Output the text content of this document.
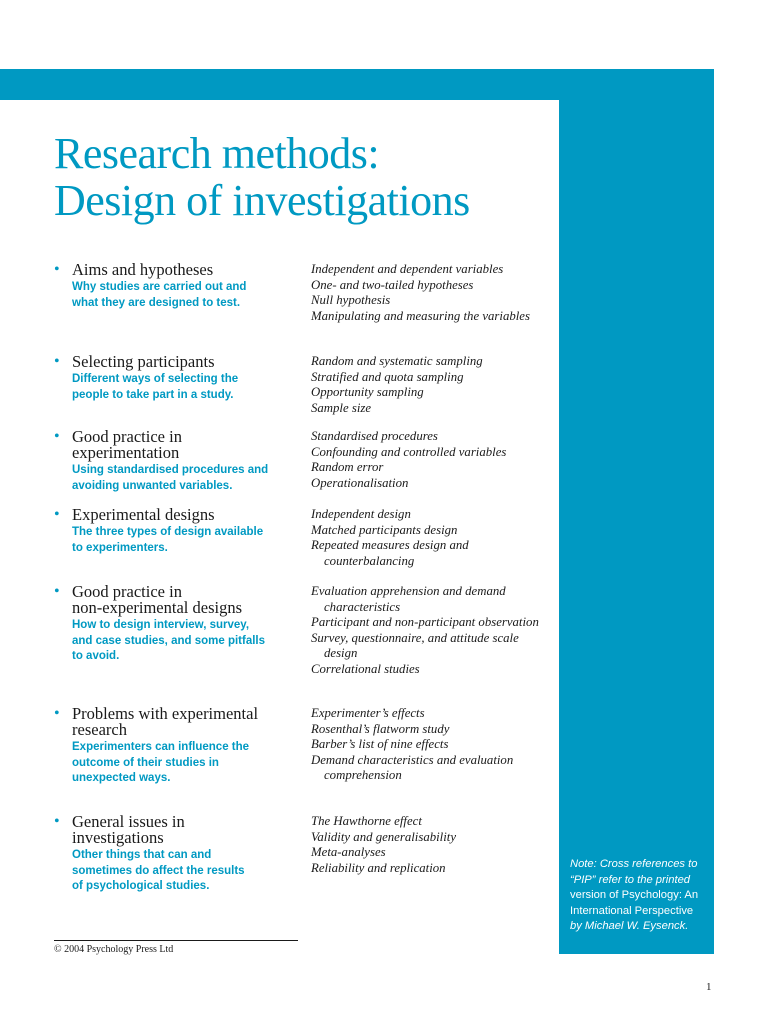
Research methods:
Design of investigations
• Aims and hypotheses
Why studies are carried out and
what they are designed to test.
Independent and dependent variables
One- and two-tailed hypotheses
Null hypothesis
Manipulating and measuring the variables
• Selecting participants
Different ways of selecting the
people to take part in a study.
Random and systematic sampling
Stratified and quota sampling
Opportunity sampling
Sample size
• Good practice in
experimentation
Using standardised procedures and
avoiding unwanted variables.
Standardised procedures
Confounding and controlled variables
Random error
Operationalisation
• Experimental designs
The three types of design available
to experimenters.
Independent design
Matched participants design
Repeated measures design and counterbalancing
• Good practice in
non-experimental designs
How to design interview, survey,
and case studies, and some pitfalls
to avoid.
Evaluation apprehension and demand characteristics
Participant and non-participant observation
Survey, questionnaire, and attitude scale design
Correlational studies
• Problems with experimental
research
Experimenters can influence the
outcome of their studies in
unexpected ways.
Experimenter’s effects
Rosenthal’s flatworm study
Barber’s list of nine effects
Demand characteristics and evaluation comprehension
• General issues in
investigations
Other things that can and
sometimes do affect the results
of psychological studies.
The Hawthorne effect
Validity and generalisability
Meta-analyses
Reliability and replication	Note: Cross references to “PIP” refer to the printed version of Psychology: An International Perspective by Michael W. Eysenck.
© 2004 Psychology Press Ltd
1
